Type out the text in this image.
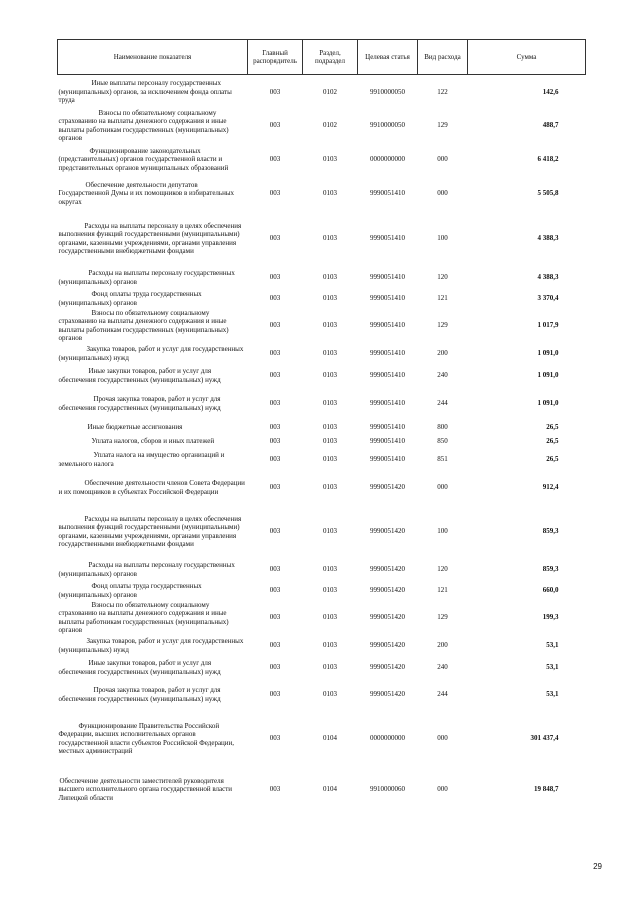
Наименование показателя	Главный распорядитель	Раздел, подраздел	Целевая статья	Вид расхода	Сумма

Иные выплаты персоналу государственных (муниципальных) органов, за исключением фонда оплаты труда	003	0102	9910000050	122	142,6

Взносы по обязательному социальному страхованию на выплаты денежного содержания и иные выплаты работникам государственных (муниципальных) органов	003	0102	9910000050	129	488,7

Функционирование законодательных (представительных) органов государственной власти и представительных органов муниципальных образований	003	0103	0000000000	000	6 418,2

Обеспечение деятельности депутатов Государственной Думы и их помощников в избирательных округах	003	0103	9990051410	000	5 505,8

Расходы на выплаты персоналу в целях обеспечения выполнения функций государственными (муниципальными) органами, казенными учреждениями, органами управления государственными внебюджетными фондами	003	0103	9990051410	100	4 388,3

Расходы на выплаты персоналу государственных (муниципальных) органов	003	0103	9990051410	120	4 388,3

Фонд оплаты труда государственных (муниципальных) органов	003	0103	9990051410	121	3 370,4

Взносы по обязательному социальному страхованию на выплаты денежного содержания и иные выплаты работникам государственных (муниципальных) органов	003	0103	9990051410	129	1 017,9

Закупка товаров, работ и услуг для государственных (муниципальных) нужд	003	0103	9990051410	200	1 091,0

Иные закупки товаров, работ и услуг для обеспечения государственных (муниципальных) нужд	003	0103	9990051410	240	1 091,0

Прочая закупка товаров, работ и услуг для обеспечения государственных (муниципальных) нужд	003	0103	9990051410	244	1 091,0

Иные бюджетные ассигнования	003	0103	9990051410	800	26,5

Уплата налогов, сборов и иных платежей	003	0103	9990051410	850	26,5

Уплата налога на имущество организаций и земельного налога	003	0103	9990051410	851	26,5

Обеспечение деятельности членов Совета Федерации и их помощников в субъектах Российской Федерации	003	0103	9990051420	000	912,4

Расходы на выплаты персоналу в целях обеспечения выполнения функций государственными (муниципальными) органами, казенными учреждениями, органами управления государственными внебюджетными фондами	003	0103	9990051420	100	859,3

Расходы на выплаты персоналу государственных (муниципальных) органов	003	0103	9990051420	120	859,3

Фонд оплаты труда государственных (муниципальных) органов	003	0103	9990051420	121	660,0

Взносы по обязательному социальному страхованию на выплаты денежного содержания и иные выплаты работникам государственных (муниципальных) органов	003	0103	9990051420	129	199,3

Закупка товаров, работ и услуг для государственных (муниципальных) нужд	003	0103	9990051420	200	53,1

Иные закупки товаров, работ и услуг для обеспечения государственных (муниципальных) нужд	003	0103	9990051420	240	53,1

Прочая закупка товаров, работ и услуг для обеспечения государственных (муниципальных) нужд	003	0103	9990051420	244	53,1

Функционирование Правительства Российской Федерации, высших исполнительных органов государственной власти субъектов Российской Федерации, местных администраций	003	0104	0000000000	000	301 437,4

Обеспечение деятельности заместителей руководителя высшего исполнительного органа государственной власти Липецкой области	003	0104	9910000060	000	19 848,7
29
